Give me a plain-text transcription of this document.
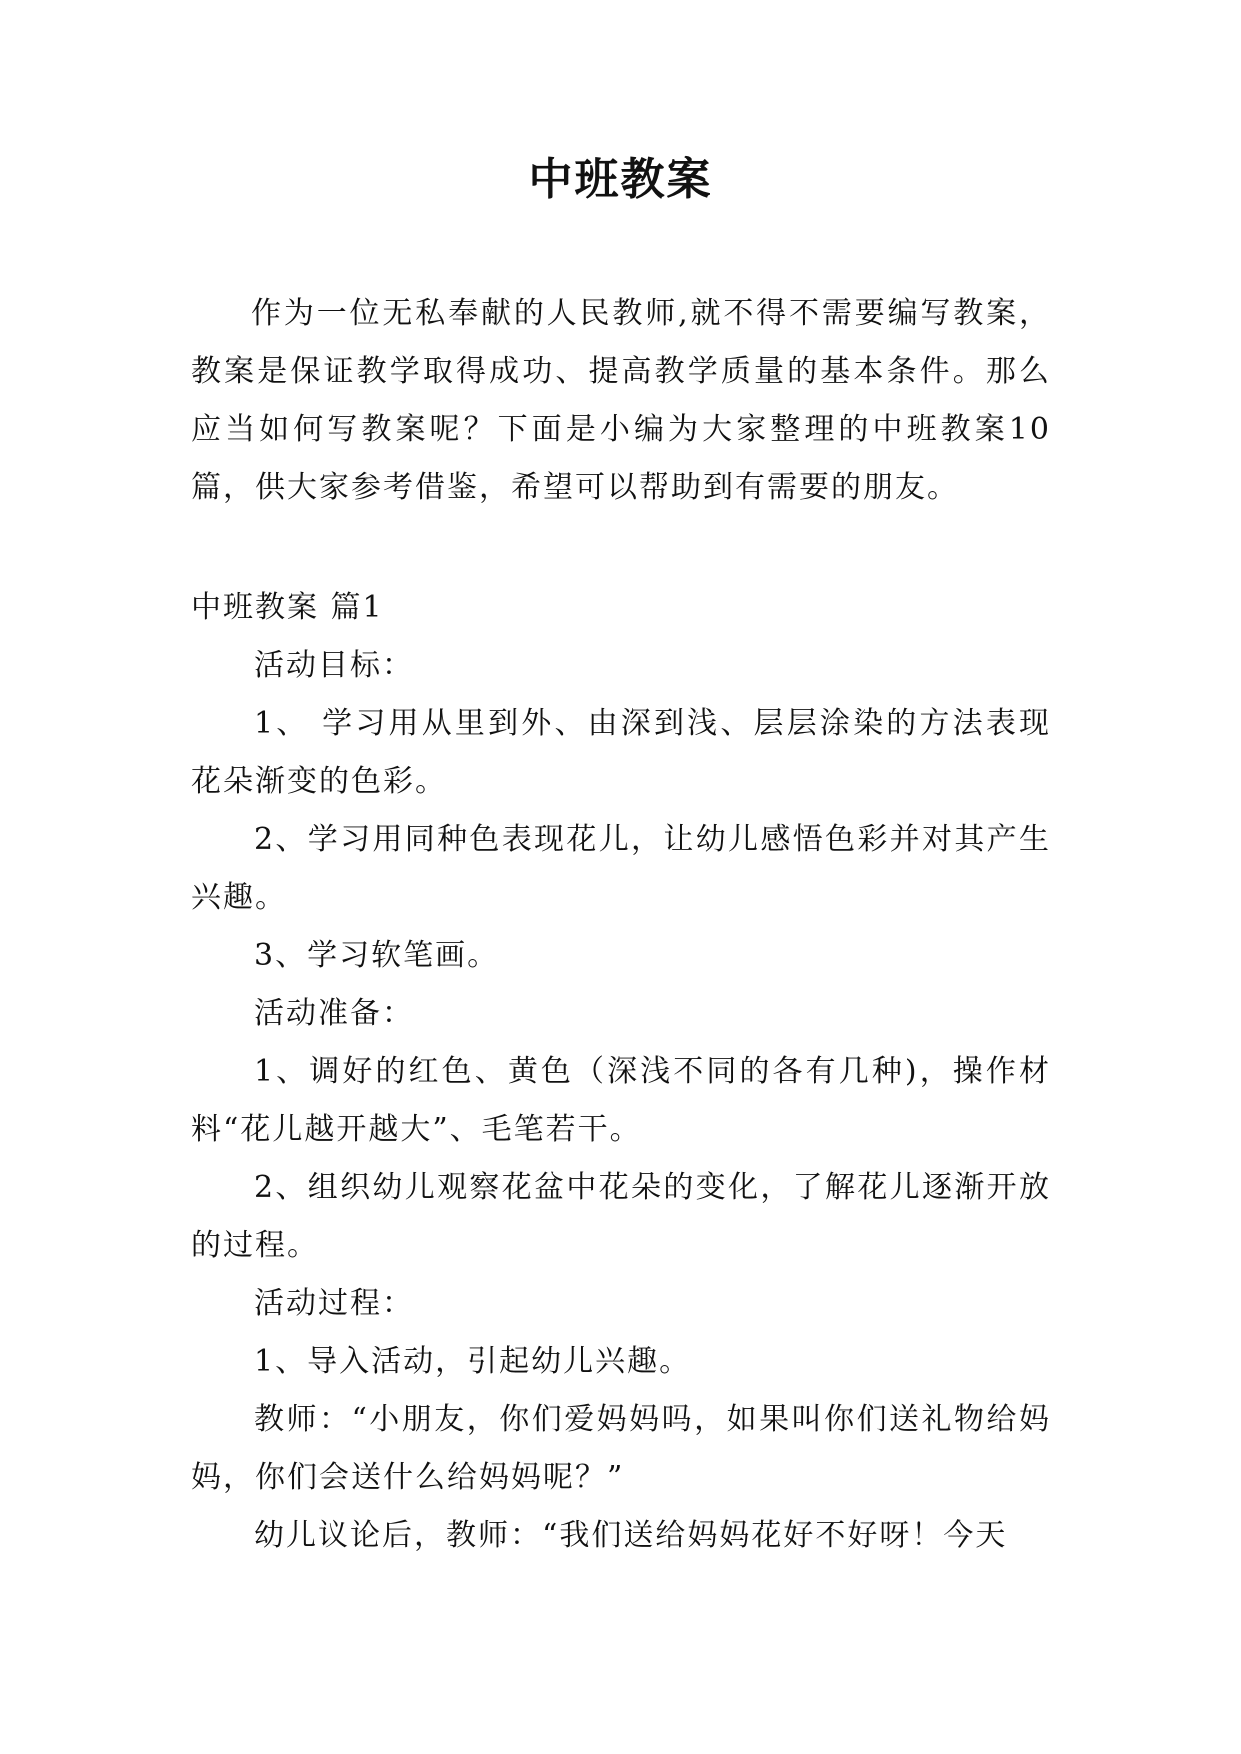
中班教案

作为一位无私奉献的人民教师,就不得不需要编写教案，教案是保证教学取得成功、提高教学质量的基本条件。那么应当如何写教案呢？下面是小编为大家整理的中班教案10篇，供大家参考借鉴，希望可以帮助到有需要的朋友。

中班教案 篇1

活动目标：

1、 学习用从里到外、由深到浅、层层涂染的方法表现花朵渐变的色彩。

2、学习用同种色表现花儿，让幼儿感悟色彩并对其产生兴趣。

3、学习软笔画。

活动准备：

1、调好的红色、黄色（深浅不同的各有几种)，操作材料“花儿越开越大”、毛笔若干。

2、组织幼儿观察花盆中花朵的变化，了解花儿逐渐开放的过程。

活动过程：

1、导入活动，引起幼儿兴趣。

教师：“小朋友，你们爱妈妈吗，如果叫你们送礼物给妈妈，你们会送什么给妈妈呢？”

幼儿议论后，教师：“我们送给妈妈花好不好呀！今天
